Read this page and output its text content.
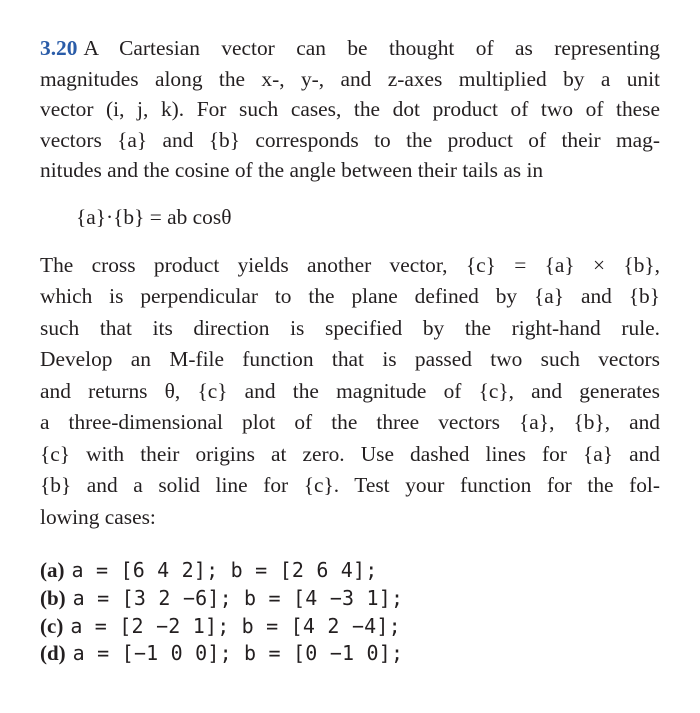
3.20 A Cartesian vector can be thought of as representing
magnitudes along the x-, y-, and z-axes multiplied by a unit
vector (i, j, k). For such cases, the dot product of two of these
vectors {a} and {b} corresponds to the product of their mag-
nitudes and the cosine of the angle between their tails as in

{a}·{b} = ab cosθ

The cross product yields another vector, {c} = {a} × {b},
which is perpendicular to the plane defined by {a} and {b}
such that its direction is specified by the right-hand rule.
Develop an M-file function that is passed two such vectors
and returns θ, {c} and the magnitude of {c}, and generates
a three-dimensional plot of the three vectors {a}, {b}, and
{c} with their origins at zero. Use dashed lines for {a} and
{b} and a solid line for {c}. Test your function for the fol-
lowing cases:

(a) a = [6 4 2]; b = [2 6 4];
(b) a = [3 2 −6]; b = [4 −3 1];
(c) a = [2 −2 1]; b = [4 2 −4];
(d) a = [−1 0 0]; b = [0 −1 0];
